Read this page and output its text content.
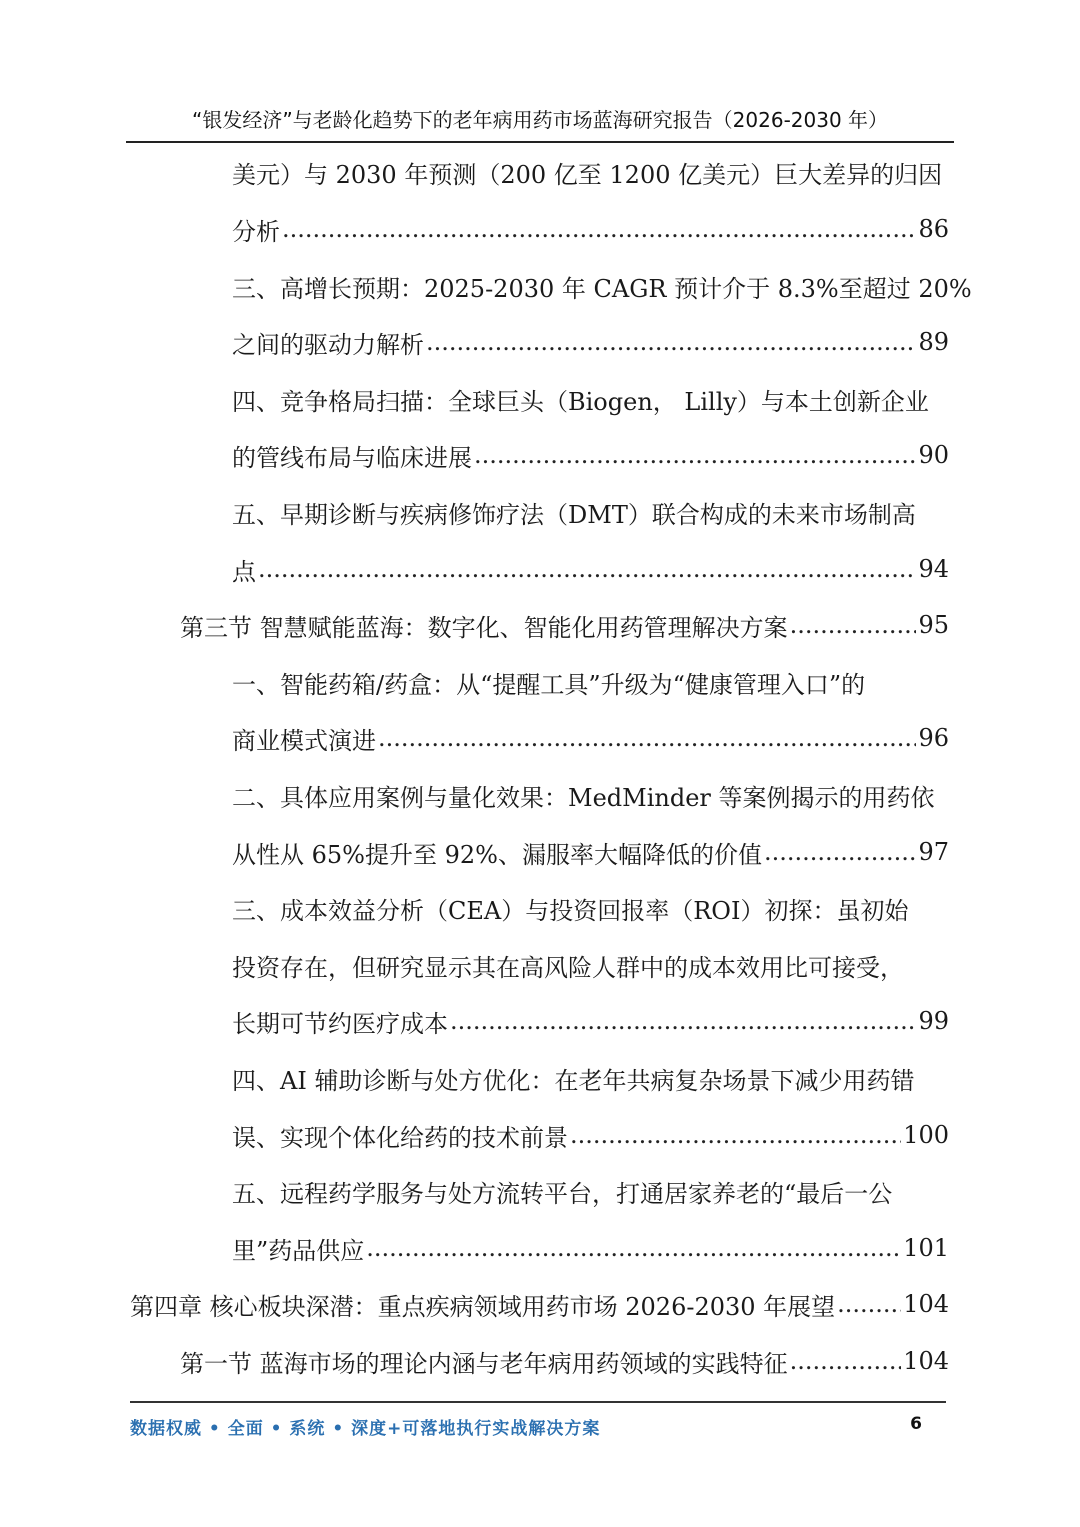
“银发经济”与老龄化趋势下的老年病用药市场蓝海研究报告（2026-2030 年）
美元）与 2030 年预测（200 亿至 1200 亿美元）巨大差异的归因
分析 .....	86
三、高增长预期：2025-2030 年 CAGR 预计介于 8.3%至超过 20%
之间的驱动力解析 .....	89
四、竞争格局扫描：全球巨头（Biogen， Lilly）与本土创新企业
的管线布局与临床进展 .....	90
五、早期诊断与疾病修饰疗法（DMT）联合构成的未来市场制高
点 .....	94
第三节 智慧赋能蓝海：数字化、智能化用药管理解决方案 .....	95
一、智能药箱/药盒：从“提醒工具”升级为“健康管理入口”的
商业模式演进 .....	96
二、具体应用案例与量化效果：MedMinder 等案例揭示的用药依
从性从 65%提升至 92%、漏服率大幅降低的价值 .....	97
三、成本效益分析（CEA）与投资回报率（ROI）初探：虽初始
投资存在，但研究显示其在高风险人群中的成本效用比可接受，
长期可节约医疗成本 .....	99
四、AI 辅助诊断与处方优化：在老年共病复杂场景下减少用药错
误、实现个体化给药的技术前景 .....	100
五、远程药学服务与处方流转平台，打通居家养老的“最后一公
里”药品供应 .....	101
第四章 核心板块深潜：重点疾病领域用药市场 2026-2030 年展望 .....	104
第一节 蓝海市场的理论内涵与老年病用药领域的实践特征 .....	104
数据权威 • 全面 • 系统 • 深度+可落地执行实战解决方案	6
